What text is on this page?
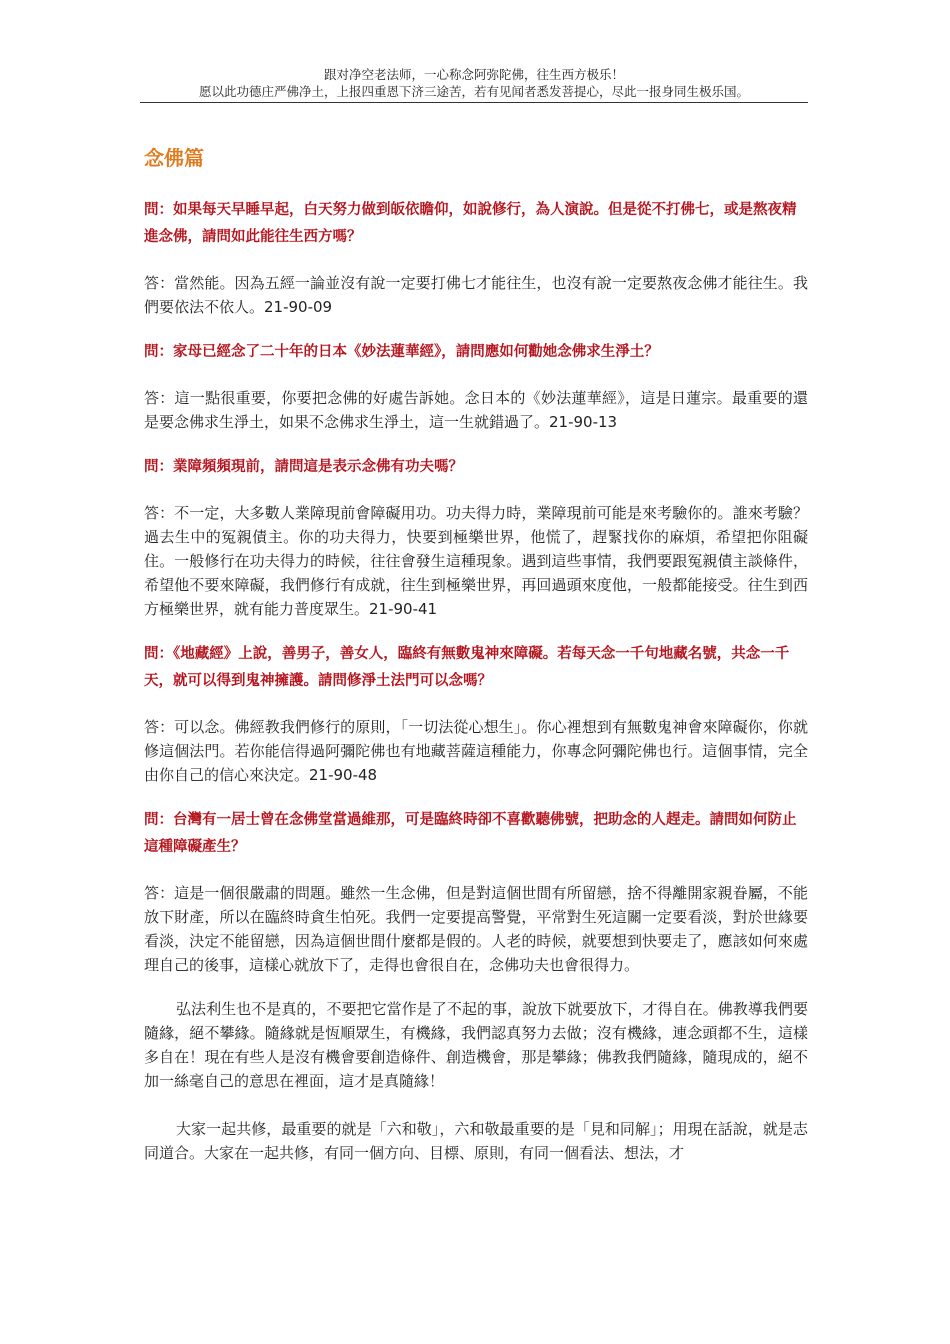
跟对净空老法师，一心称念阿弥陀佛，往生西方极乐！
愿以此功德庄严佛净土，上报四重恩下济三途苦，若有见闻者悉发菩提心，尽此一报身同生极乐国。
念佛篇
問：如果每天早睡早起，白天努力做到皈依瞻仰，如說修行，為人演說。但是從不打佛七，或是熬夜精進念佛，請問如此能往生西方嗎？
答：當然能。因為五經一論並沒有說一定要打佛七才能往生，也沒有說一定要熬夜念佛才能往生。我們要依法不依人。21-90-09
問：家母已經念了二十年的日本《妙法蓮華經》，請問應如何勸她念佛求生淨土？
答：這一點很重要，你要把念佛的好處告訴她。念日本的《妙法蓮華經》，這是日蓮宗。最重要的還是要念佛求生淨土，如果不念佛求生淨土，這一生就錯過了。21-90-13
問：業障頻頻現前，請問這是表示念佛有功夫嗎？
答：不一定，大多數人業障現前會障礙用功。功夫得力時，業障現前可能是來考驗你的。誰來考驗？過去生中的冤親債主。你的功夫得力，快要到極樂世界，他慌了，趕緊找你的麻煩，希望把你阻礙住。一般修行在功夫得力的時候，往往會發生這種現象。遇到這些事情，我們要跟冤親債主談條件，希望他不要來障礙，我們修行有成就，往生到極樂世界，再回過頭來度他，一般都能接受。往生到西方極樂世界，就有能力普度眾生。21-90-41
問：《地藏經》上說，善男子，善女人，臨終有無數鬼神來障礙。若每天念一千句地藏名號，共念一千天，就可以得到鬼神擁護。請問修淨土法門可以念嗎？
答：可以念。佛經教我們修行的原則，「一切法從心想生」。你心裡想到有無數鬼神會來障礙你，你就修這個法門。若你能信得過阿彌陀佛也有地藏菩薩這種能力，你專念阿彌陀佛也行。這個事情，完全由你自己的信心來決定。21-90-48
問：台灣有一居士曾在念佛堂當過維那，可是臨終時卻不喜歡聽佛號，把助念的人趕走。請問如何防止這種障礙產生？
答：這是一個很嚴肅的問題。雖然一生念佛，但是對這個世間有所留戀，捨不得離開家親眷屬，不能放下財產，所以在臨終時貪生怕死。我們一定要提高警覺，平常對生死這關一定要看淡，對於世緣要看淡，決定不能留戀，因為這個世間什麼都是假的。人老的時候，就要想到快要走了，應該如何來處理自己的後事，這樣心就放下了，走得也會很自在，念佛功夫也會很得力。
弘法利生也不是真的，不要把它當作是了不起的事，說放下就要放下，才得自在。佛教導我們要隨緣，絕不攀緣。隨緣就是恆順眾生，有機緣，我們認真努力去做；沒有機緣，連念頭都不生，這樣多自在！現在有些人是沒有機會要創造條件、創造機會，那是攀緣；佛教我們隨緣，隨現成的，絕不加一絲毫自己的意思在裡面，這才是真隨緣！
大家一起共修，最重要的就是「六和敬」，六和敬最重要的是「見和同解」；用現在話說，就是志同道合。大家在一起共修，有同一個方向、目標、原則，有同一個看法、想法，才
